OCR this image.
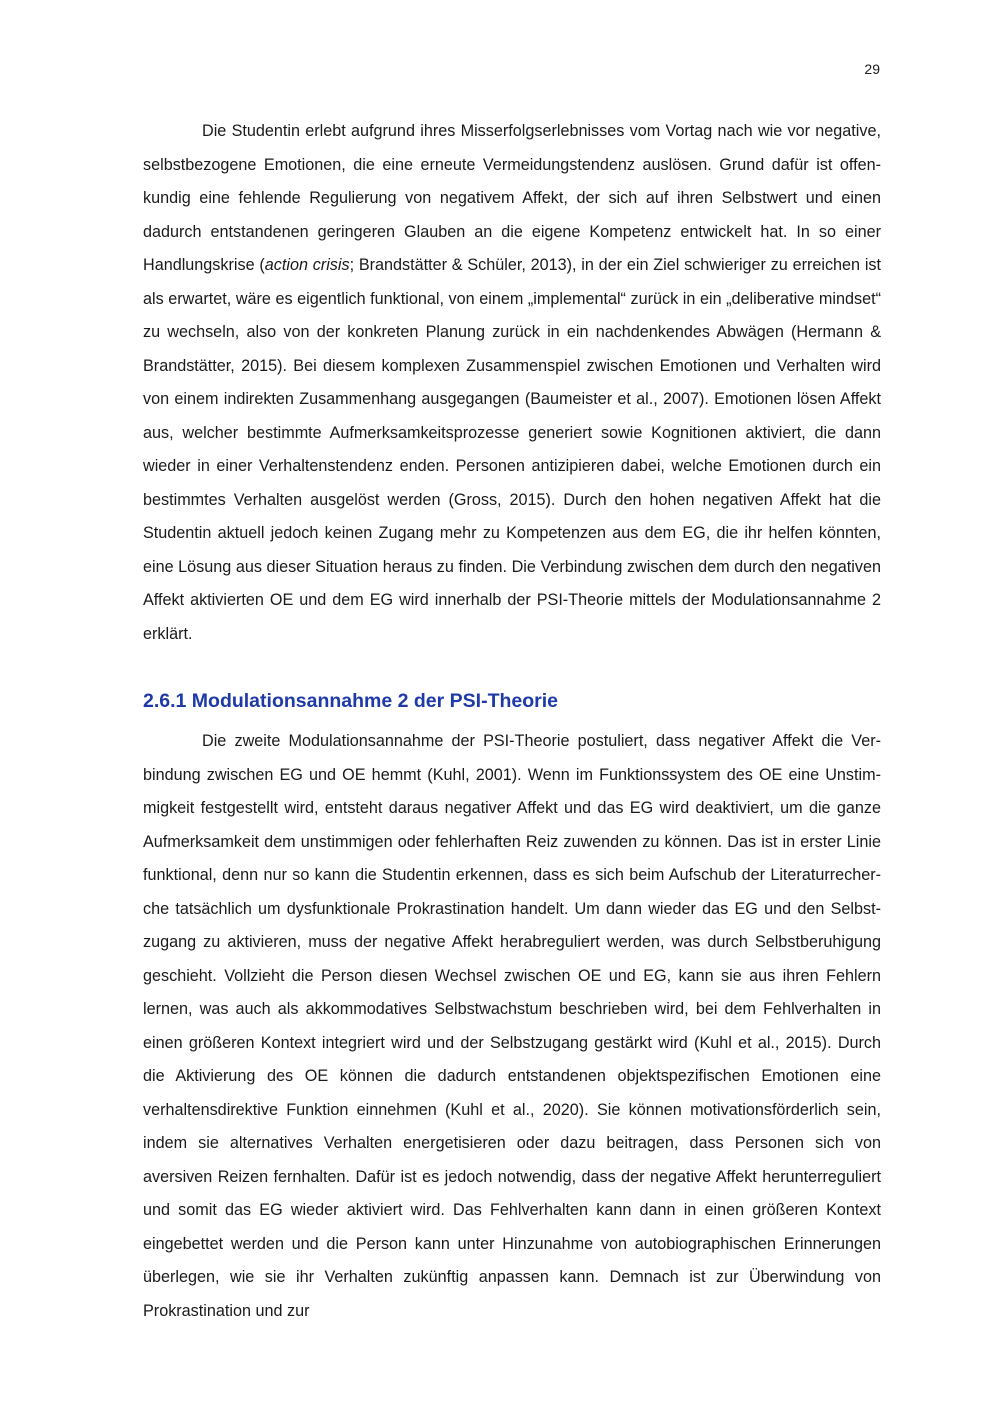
29

Die Studentin erlebt aufgrund ihres Misserfolgserlebnisses vom Vortag nach wie vor negative, selbstbezogene Emotionen, die eine erneute Vermeidungstendenz auslösen. Grund dafür ist offenkundig eine fehlende Regulierung von negativem Affekt, der sich auf ihren Selbstwert und einen dadurch entstandenen geringeren Glauben an die eigene Kompetenz entwickelt hat. In so einer Handlungskrise (action crisis; Brandstätter & Schüler, 2013), in der ein Ziel schwieriger zu erreichen ist als erwartet, wäre es eigentlich funktional, von einem „implemental“ zurück in ein „deliberative mindset“ zu wechseln, also von der konkreten Planung zurück in ein nachdenkendes Abwägen (Hermann & Brandstätter, 2015). Bei diesem komplexen Zusammenspiel zwischen Emotionen und Verhalten wird von einem indirekten Zusammenhang ausgegangen (Baumeister et al., 2007). Emotionen lösen Affekt aus, welcher bestimmte Aufmerksamkeitsprozesse generiert sowie Kognitionen aktiviert, die dann wieder in einer Verhaltenstendenz enden. Personen antizipieren dabei, welche Emotionen durch ein bestimmtes Verhalten ausgelöst werden (Gross, 2015). Durch den hohen negativen Affekt hat die Studentin aktuell jedoch keinen Zugang mehr zu Kompetenzen aus dem EG, die ihr helfen könnten, eine Lösung aus dieser Situation heraus zu finden. Die Verbindung zwischen dem durch den negativen Affekt aktivierten OE und dem EG wird innerhalb der PSI-Theorie mittels der Modulationsannahme 2 erklärt.

2.6.1 Modulationsannahme 2 der PSI-Theorie

Die zweite Modulationsannahme der PSI-Theorie postuliert, dass negativer Affekt die Verbindung zwischen EG und OE hemmt (Kuhl, 2001). Wenn im Funktionssystem des OE eine Unstimmigkeit festgestellt wird, entsteht daraus negativer Affekt und das EG wird deaktiviert, um die ganze Aufmerksamkeit dem unstimmigen oder fehlerhaften Reiz zuwenden zu können. Das ist in erster Linie funktional, denn nur so kann die Studentin erkennen, dass es sich beim Aufschub der Literaturrecherche tatsächlich um dysfunktionale Prokrastination handelt. Um dann wieder das EG und den Selbstzugang zu aktivieren, muss der negative Affekt herabreguliert werden, was durch Selbstberuhigung geschieht. Vollzieht die Person diesen Wechsel zwischen OE und EG, kann sie aus ihren Fehlern lernen, was auch als akkommodatives Selbstwachstum beschrieben wird, bei dem Fehlverhalten in einen größeren Kontext integriert wird und der Selbstzugang gestärkt wird (Kuhl et al., 2015). Durch die Aktivierung des OE können die dadurch entstandenen objektspezifischen Emotionen eine verhaltensdirektive Funktion einnehmen (Kuhl et al., 2020). Sie können motivationsförderlich sein, indem sie alternatives Verhalten energetisieren oder dazu beitragen, dass Personen sich von aversiven Reizen fernhalten. Dafür ist es jedoch notwendig, dass der negative Affekt herunterreguliert und somit das EG wieder aktiviert wird. Das Fehlverhalten kann dann in einen größeren Kontext eingebettet werden und die Person kann unter Hinzunahme von autobiographischen Erinnerungen überlegen, wie sie ihr Verhalten zukünftig anpassen kann. Demnach ist zur Überwindung von Prokrastination und zur
